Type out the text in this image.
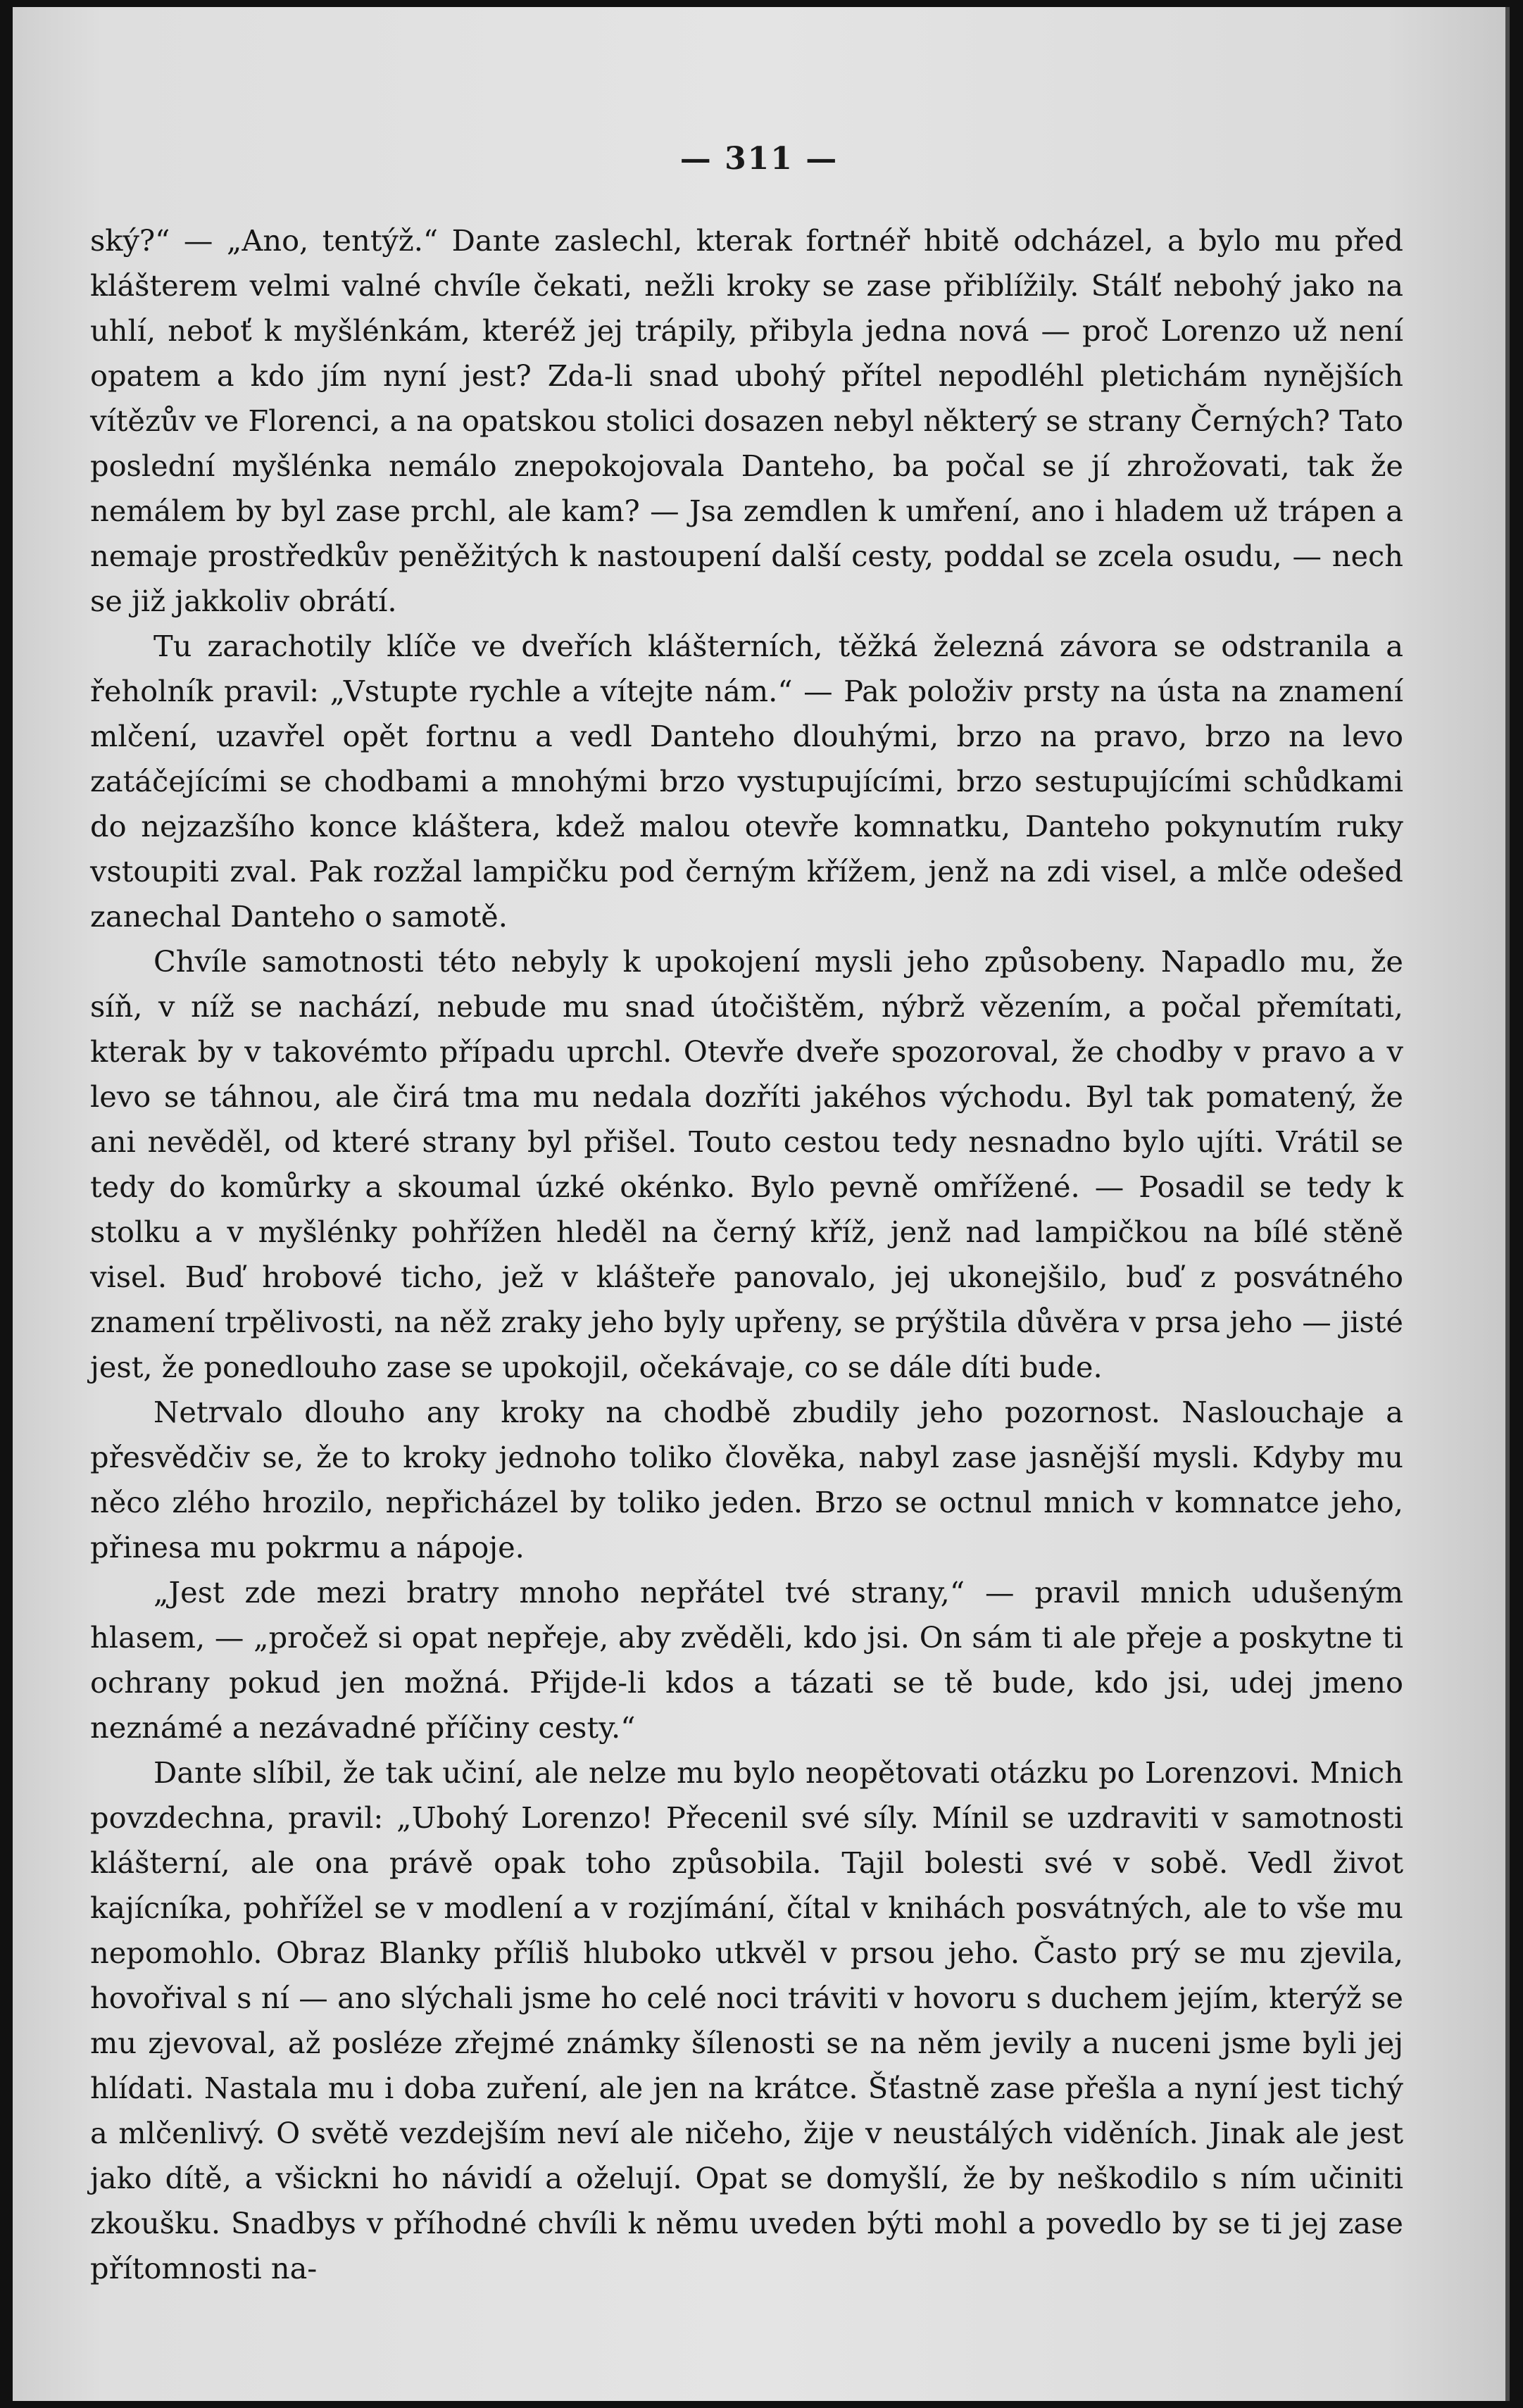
— 311 —

ský?“ — „Ano, tentýž.“ Dante zaslechl, kterak fortnéř hbitě odcházel, a bylo mu před klášterem velmi valné chvíle čekati, nežli kroky se zase přiblížily. Stálť nebohý jako na uhlí, neboť k myšlénkám, kteréž jej trápily, přibyla jedna nová — proč Lorenzo už není opatem a kdo jím nyní jest? Zda-li snad ubohý přítel nepodléhl pletichám nynějších vítězův ve Florenci, a na opatskou stolici dosazen nebyl některý se strany Černých? Tato poslední myšlénka nemálo znepokojovala Danteho, ba počal se jí zhrožovati, tak že nemálem by byl zase prchl, ale kam? — Jsa zemdlen k umření, ano i hladem už trápen a nemaje prostředkův peněžitých k nastoupení další cesty, poddal se zcela osudu, — nech se již jakkoliv obrátí.

Tu zarachotily klíče ve dveřích klášterních, těžká železná závora se odstranila a řeholník pravil: „Vstupte rychle a vítejte nám.“ — Pak položiv prsty na ústa na znamení mlčení, uzavřel opět fortnu a vedl Danteho dlouhými, brzo na pravo, brzo na levo zatáčejícími se chodbami a mnohými brzo vystupujícími, brzo sestupujícími schůdkami do nejzazšího konce kláštera, kdež malou otevře komnatku, Danteho pokynutím ruky vstoupiti zval. Pak rozžal lampičku pod černým křížem, jenž na zdi visel, a mlče odešed zanechal Danteho o samotě.

Chvíle samotnosti této nebyly k upokojení mysli jeho způsobeny. Napadlo mu, že síň, v níž se nachází, nebude mu snad útočištěm, nýbrž vězením, a počal přemítati, kterak by v takovémto případu uprchl. Otevře dveře spozoroval, že chodby v pravo a v levo se táhnou, ale čirá tma mu nedala dozříti jakéhos východu. Byl tak pomatený, že ani nevěděl, od které strany byl přišel. Touto cestou tedy nesnadno bylo ujíti. Vrátil se tedy do komůrky a skoumal úzké okénko. Bylo pevně omřížené. — Posadil se tedy k stolku a v myšlénky pohřížen hleděl na černý kříž, jenž nad lampičkou na bílé stěně visel. Buď hrobové ticho, jež v klášteře panovalo, jej ukonejšilo, buď z posvátného znamení trpělivosti, na něž zraky jeho byly upřeny, se prýštila důvěra v prsa jeho — jisté jest, že ponedlouho zase se upokojil, očekávaje, co se dále díti bude.

Netrvalo dlouho any kroky na chodbě zbudily jeho pozornost. Naslouchaje a přesvědčiv se, že to kroky jednoho toliko člověka, nabyl zase jasnější mysli. Kdyby mu něco zlého hrozilo, nepřicházel by toliko jeden. Brzo se octnul mnich v komnatce jeho, přinesa mu pokrmu a nápoje.

„Jest zde mezi bratry mnoho nepřátel tvé strany,“ — pravil mnich udušeným hlasem, — „pročež si opat nepřeje, aby zvěděli, kdo jsi. On sám ti ale přeje a poskytne ti ochrany pokud jen možná. Přijde-li kdos a tázati se tě bude, kdo jsi, udej jmeno neznámé a nezávadné příčiny cesty.“

Dante slíbil, že tak učiní, ale nelze mu bylo neopětovati otázku po Lorenzovi. Mnich povzdechna, pravil: „Ubohý Lorenzo! Přecenil své síly. Mínil se uzdraviti v samotnosti klášterní, ale ona právě opak toho způsobila. Tajil bolesti své v sobě. Vedl život kajícníka, pohřížel se v modlení a v rozjímání, čítal v knihách posvátných, ale to vše mu nepomohlo. Obraz Blanky příliš hluboko utkvěl v prsou jeho. Často prý se mu zjevila, hovořival s ní — ano slýchali jsme ho celé noci tráviti v hovoru s duchem jejím, kterýž se mu zjevoval, až posléze zřejmé známky šílenosti se na něm jevily a nuceni jsme byli jej hlídati. Nastala mu i doba zuření, ale jen na krátce. Šťastně zase přešla a nyní jest tichý a mlčenlivý. O světě vezdejším neví ale ničeho, žije v neustálých viděních. Jinak ale jest jako dítě, a všickni ho návidí a oželují. Opat se domyšlí, že by neškodilo s ním učiniti zkoušku. Snadbys v příhodné chvíli k němu uveden býti mohl a povedlo by se ti jej zase přítomnosti na-
